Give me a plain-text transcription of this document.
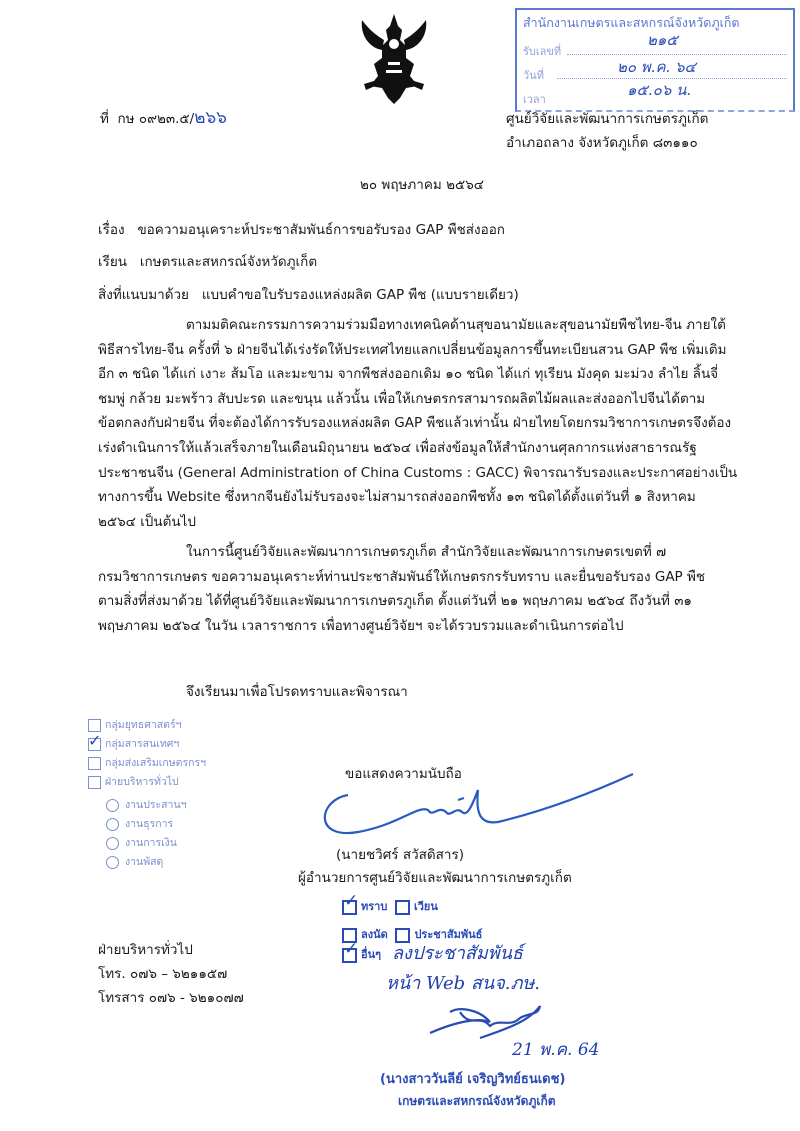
สำนักงานเกษตรและสหกรณ์จังหวัดภูเก็ต
รับเลขที่
๒๑๕
วันที่	๒๐ พ.ค. ๖๔
เวลา
๑๕.๐๖ น.
ที่ กษ ๐๙๒๓.๕/๒๖๖	ศูนย์วิจัยและพัฒนาการเกษตรภูเก็ต
อำเภอถลาง จังหวัดภูเก็ต ๘๓๑๑๐
๒๐ พฤษภาคม ๒๕๖๔
เรื่อง ขอความอนุเคราะห์ประชาสัมพันธ์การขอรับรอง GAP พืชส่งออก
เรียน เกษตรและสหกรณ์จังหวัดภูเก็ต
สิ่งที่แนบมาด้วย แบบคำขอใบรับรองแหล่งผลิต GAP พืช (แบบรายเดียว)
ตามมติคณะกรรมการความร่วมมือทางเทคนิคด้านสุขอนามัยและสุขอนามัยพืชไทย-จีน ภายใต้
พิธีสารไทย-จีน ครั้งที่ ๖ ฝ่ายจีนได้เร่งรัดให้ประเทศไทยแลกเปลี่ยนข้อมูลการขึ้นทะเบียนสวน GAP พืช เพิ่มเติม
อีก ๓ ชนิด ได้แก่ เงาะ ส้มโอ และมะขาม จากพืชส่งออกเดิม ๑๐ ชนิด ได้แก่ ทุเรียน มังคุด มะม่วง ลำไย ลิ้นจี่
ชมพู่ กล้วย มะพร้าว สับปะรด และขนุน แล้วนั้น เพื่อให้เกษตรกรสามารถผลิตไม้ผลและส่งออกไปจีนได้ตาม
ข้อตกลงกับฝ่ายจีน ที่จะต้องได้การรับรองแหล่งผลิต GAP พืชแล้วเท่านั้น ฝ่ายไทยโดยกรมวิชาการเกษตรจึงต้อง
เร่งดำเนินการให้แล้วเสร็จภายในเดือนมิถุนายน ๒๕๖๔ เพื่อส่งข้อมูลให้สำนักงานศุลกากรแห่งสาธารณรัฐ
ประชาชนจีน (General Administration of China Customs : GACC) พิจารณารับรองและประกาศอย่างเป็น
ทางการขึ้น Website ซึ่งหากจีนยังไม่รับรองจะไม่สามารถส่งออกพืชทั้ง ๑๓ ชนิดได้ตั้งแต่วันที่ ๑ สิงหาคม
๒๕๖๔ เป็นต้นไป
ในการนี้ศูนย์วิจัยและพัฒนาการเกษตรภูเก็ต สำนักวิจัยและพัฒนาการเกษตรเขตที่ ๗
กรมวิชาการเกษตร ขอความอนุเคราะห์ท่านประชาสัมพันธ์ให้เกษตรกรรับทราบ และยื่นขอรับรอง GAP พืช
ตามสิ่งที่ส่งมาด้วย ได้ที่ศูนย์วิจัยและพัฒนาการเกษตรภูเก็ต ตั้งแต่วันที่ ๒๑ พฤษภาคม ๒๕๖๔ ถึงวันที่ ๓๑
พฤษภาคม ๒๕๖๔ ในวัน เวลาราชการ เพื่อทางศูนย์วิจัยฯ จะได้รวบรวมและดำเนินการต่อไป
จึงเรียนมาเพื่อโปรดทราบและพิจารณา
กลุ่มยุทธศาสตร์ฯ
✓ กลุ่มสารสนเทศฯ
กลุ่มส่งเสริมเกษตรกรฯ
ฝ่ายบริหารทั่วไป
งานประสานฯ
งานธุรการ
งานการเงิน
งานพัสดุ
ขอแสดงความนับถือ
(นายชวิศร์ สวัสดิสาร)
ผู้อำนวยการศูนย์วิจัยและพัฒนาการเกษตรภูเก็ต
✓ ทราบ เวียน
ลงนัด ประชาสัมพันธ์
✓ อื่นๆ ลงประชาสัมพันธ์
หน้า Web สนจ.ภษ.
21 พ.ค. 64
(นางสาววันลีย์ เจริญวิทย์ธนเดช)
เกษตรและสหกรณ์จังหวัดภูเก็ต
ฝ่ายบริหารทั่วไป
โทร. ๐๗๖ – ๖๒๑๑๕๗
โทรสาร ๐๗๖ - ๖๒๑๐๗๗
